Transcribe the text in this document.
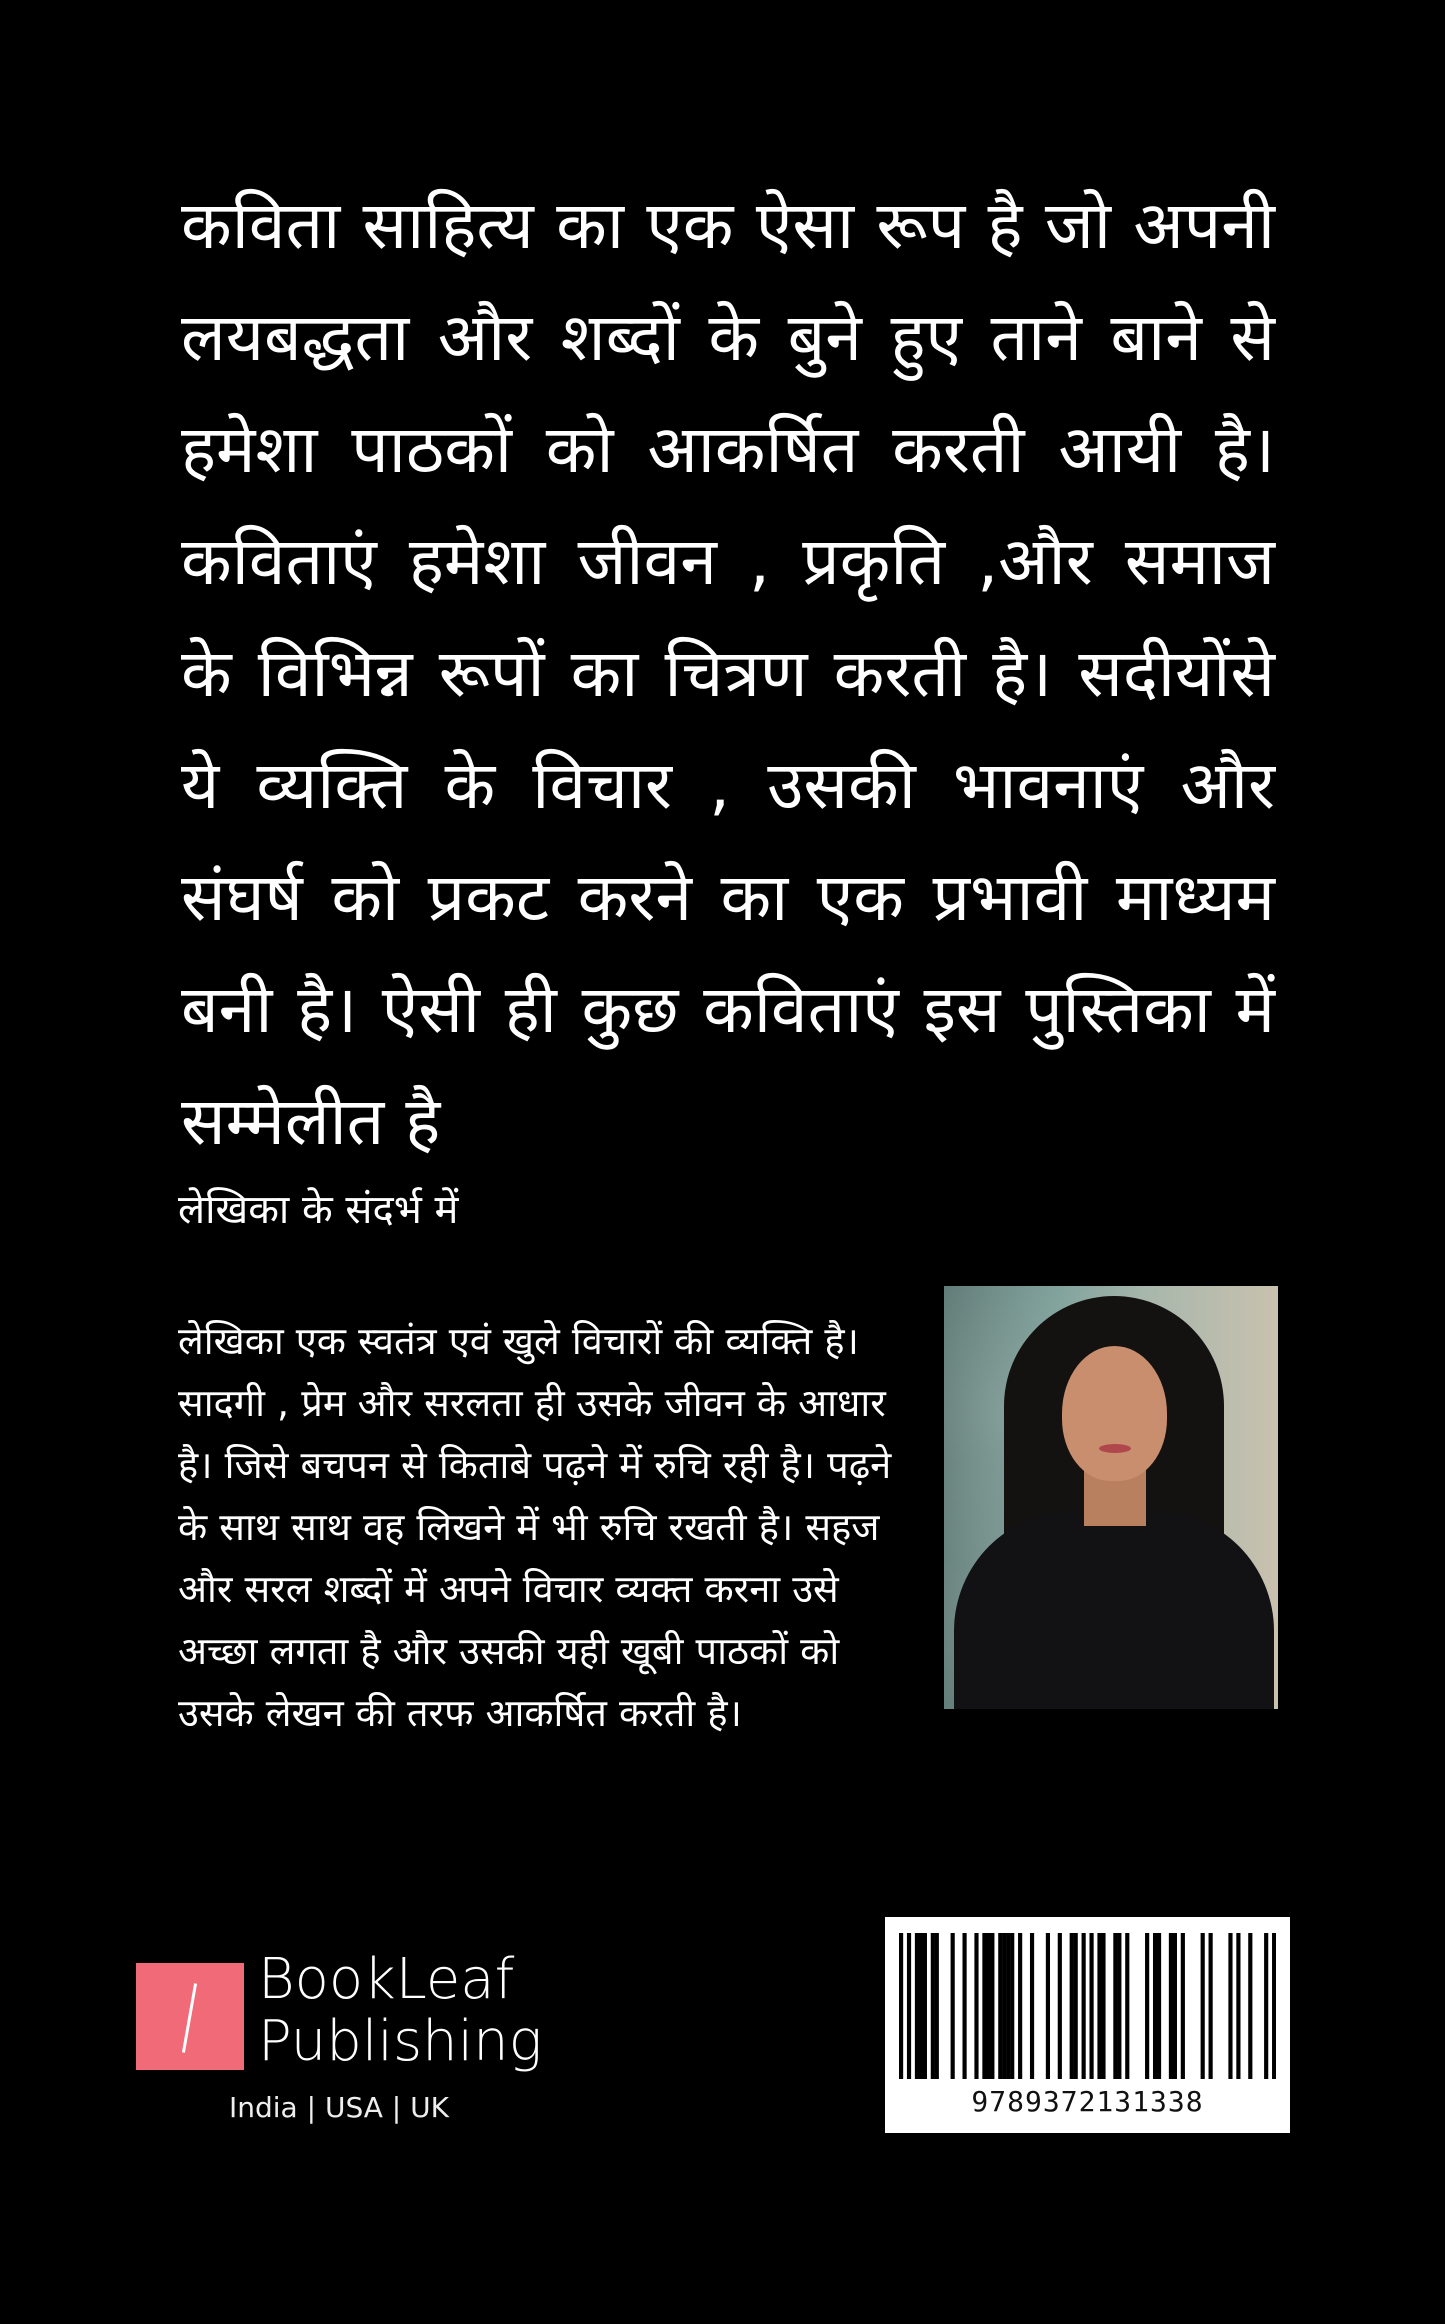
कविता साहित्य का एक ऐसा रूप है जो अपनी लयबद्धता और शब्दों के बुने हुए ताने बाने से हमेशा पाठकों को आकर्षित करती आयी है। कविताएं हमेशा जीवन , प्रकृति ,और समाज के विभिन्न रूपों का चित्रण करती है। सदीयोंसे ये व्यक्ति के विचार , उसकी भावनाएं और संघर्ष को प्रकट करने का एक प्रभावी माध्यम बनी है। ऐसी ही कुछ कविताएं इस पुस्तिका में सम्मेलीत है
लेखिका के संदर्भ में
लेखिका एक स्वतंत्र एवं खुले विचारों की व्यक्ति है। सादगी , प्रेम और सरलता ही उसके जीवन के आधार है। जिसे बचपन से किताबे पढ़ने में रुचि रही है। पढ़ने के साथ साथ वह लिखने में भी रुचि रखती है। सहज और सरल शब्दों में अपने विचार व्यक्त करना उसे अच्छा लगता है और उसकी यही खूबी पाठकों कोउसके लेखन की तरफ आकर्षित करती है।
BookLeaf
Publishing
India | USA | UK	9789372131338
